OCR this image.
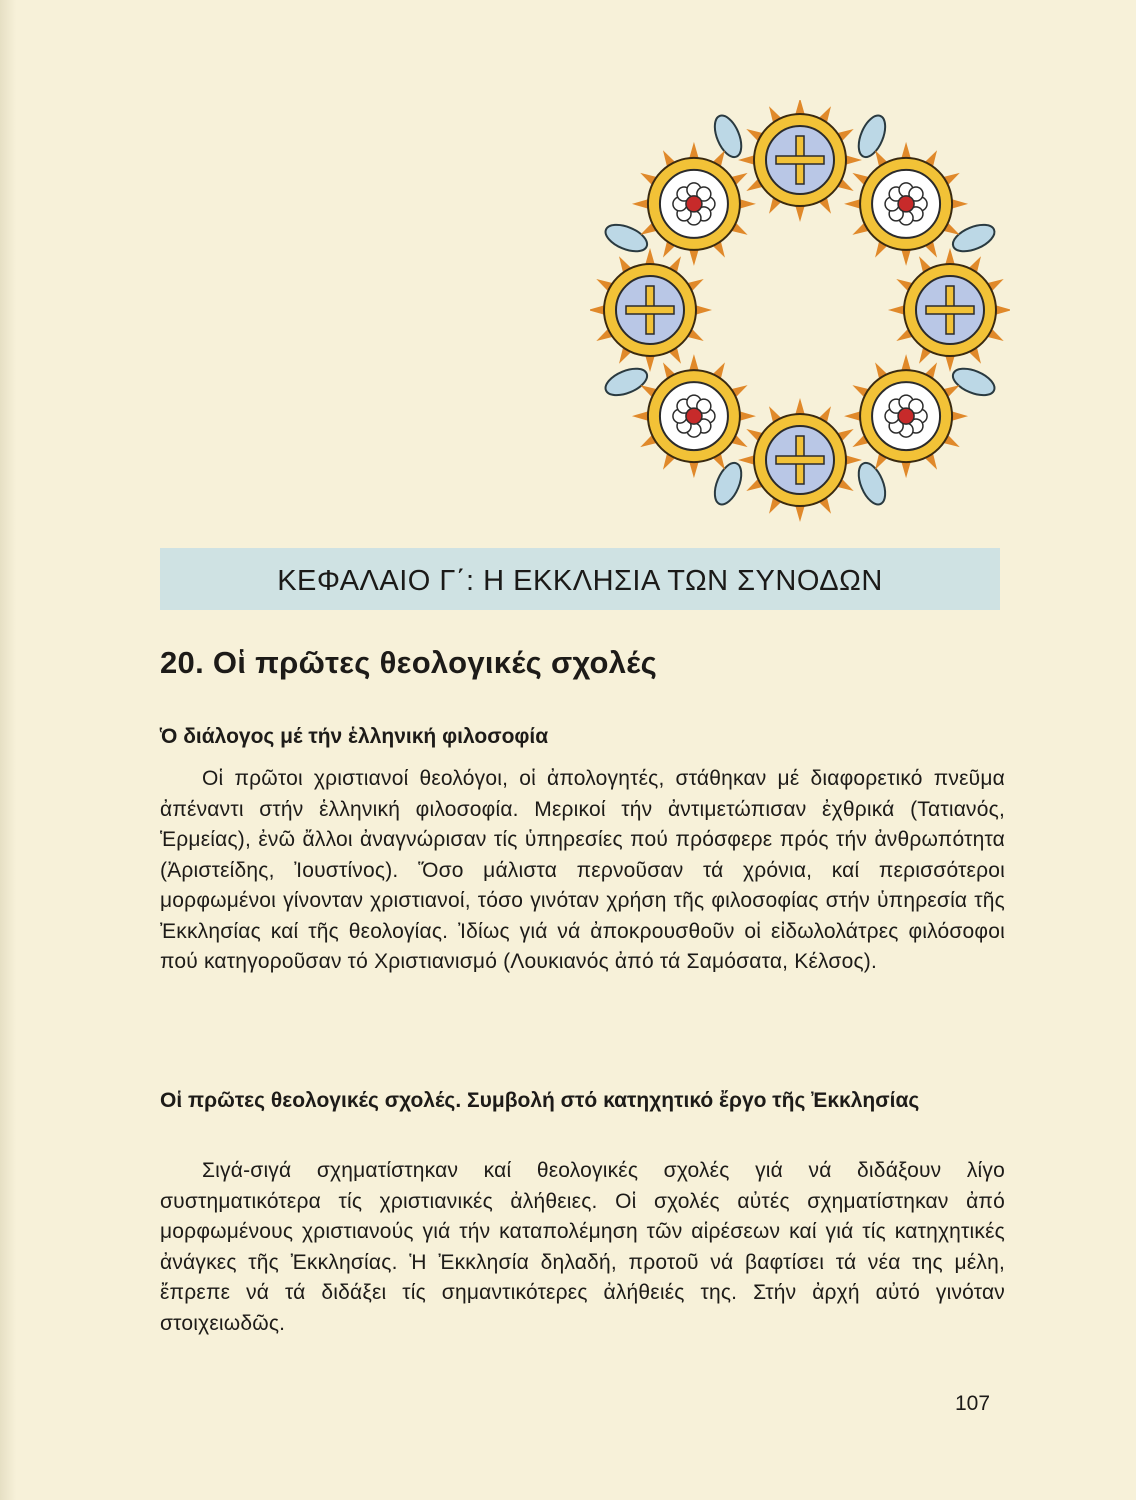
ΚΕΦΑΛΑΙΟ Γ΄: Η ΕΚΚΛΗΣΙΑ ΤΩΝ ΣΥΝΟΔΩΝ
20. Οἱ πρῶτες θεολογικές σχολές
Ὁ διάλογος μέ τήν ἑλληνική φιλοσοφία
Οἱ πρῶτοι χριστιανοί θεολόγοι, οἱ ἀπολογητές, στάθηκαν μέ διαφορετικό πνεῦμα ἀπέναντι στήν ἑλληνική φιλοσοφία. Μερικοί τήν ἀντιμετώπισαν ἐχθρικά (Τατιανός, Ἑρμείας), ἐνῶ ἄλλοι ἀναγνώρισαν τίς ὑπηρεσίες πού πρόσφερε πρός τήν ἀνθρωπότητα (Ἀριστείδης, Ἰουστίνος). Ὅσο μάλιστα περνοῦσαν τά χρόνια, καί περισσότεροι μορφωμένοι γίνονταν χριστιανοί, τόσο γινόταν χρήση τῆς φιλοσοφίας στήν ὑπηρεσία τῆς Ἐκκλησίας καί τῆς θεολογίας. Ἰδίως γιά νά ἀποκρουσθοῦν οἱ εἰδωλολάτρες φιλόσοφοι πού κατηγοροῦσαν τό Χριστιανισμό (Λουκιανός ἀπό τά Σαμόσατα, Κέλσος).
Οἱ πρῶτες θεολογικές σχολές. Συμβολή στό κατηχητικό ἔργο τῆς Ἐκκλησίας
Σιγά-σιγά σχηματίστηκαν καί θεολογικές σχολές γιά νά διδάξουν λίγο συστηματικότερα τίς χριστιανικές ἀλήθειες. Οἱ σχολές αὐτές σχηματίστηκαν ἀπό μορφωμένους χριστιανούς γιά τήν καταπολέμηση τῶν αἱρέσεων καί γιά τίς κατηχητικές ἀνάγκες τῆς Ἐκκλησίας. Ἡ Ἐκκλησία δηλαδή, προτοῦ νά βαφτίσει τά νέα της μέλη, ἔπρεπε νά τά διδάξει τίς σημαντικότερες ἀλήθειές της. Στήν ἀρχή αὐτό γινόταν στοιχειωδῶς.
107
